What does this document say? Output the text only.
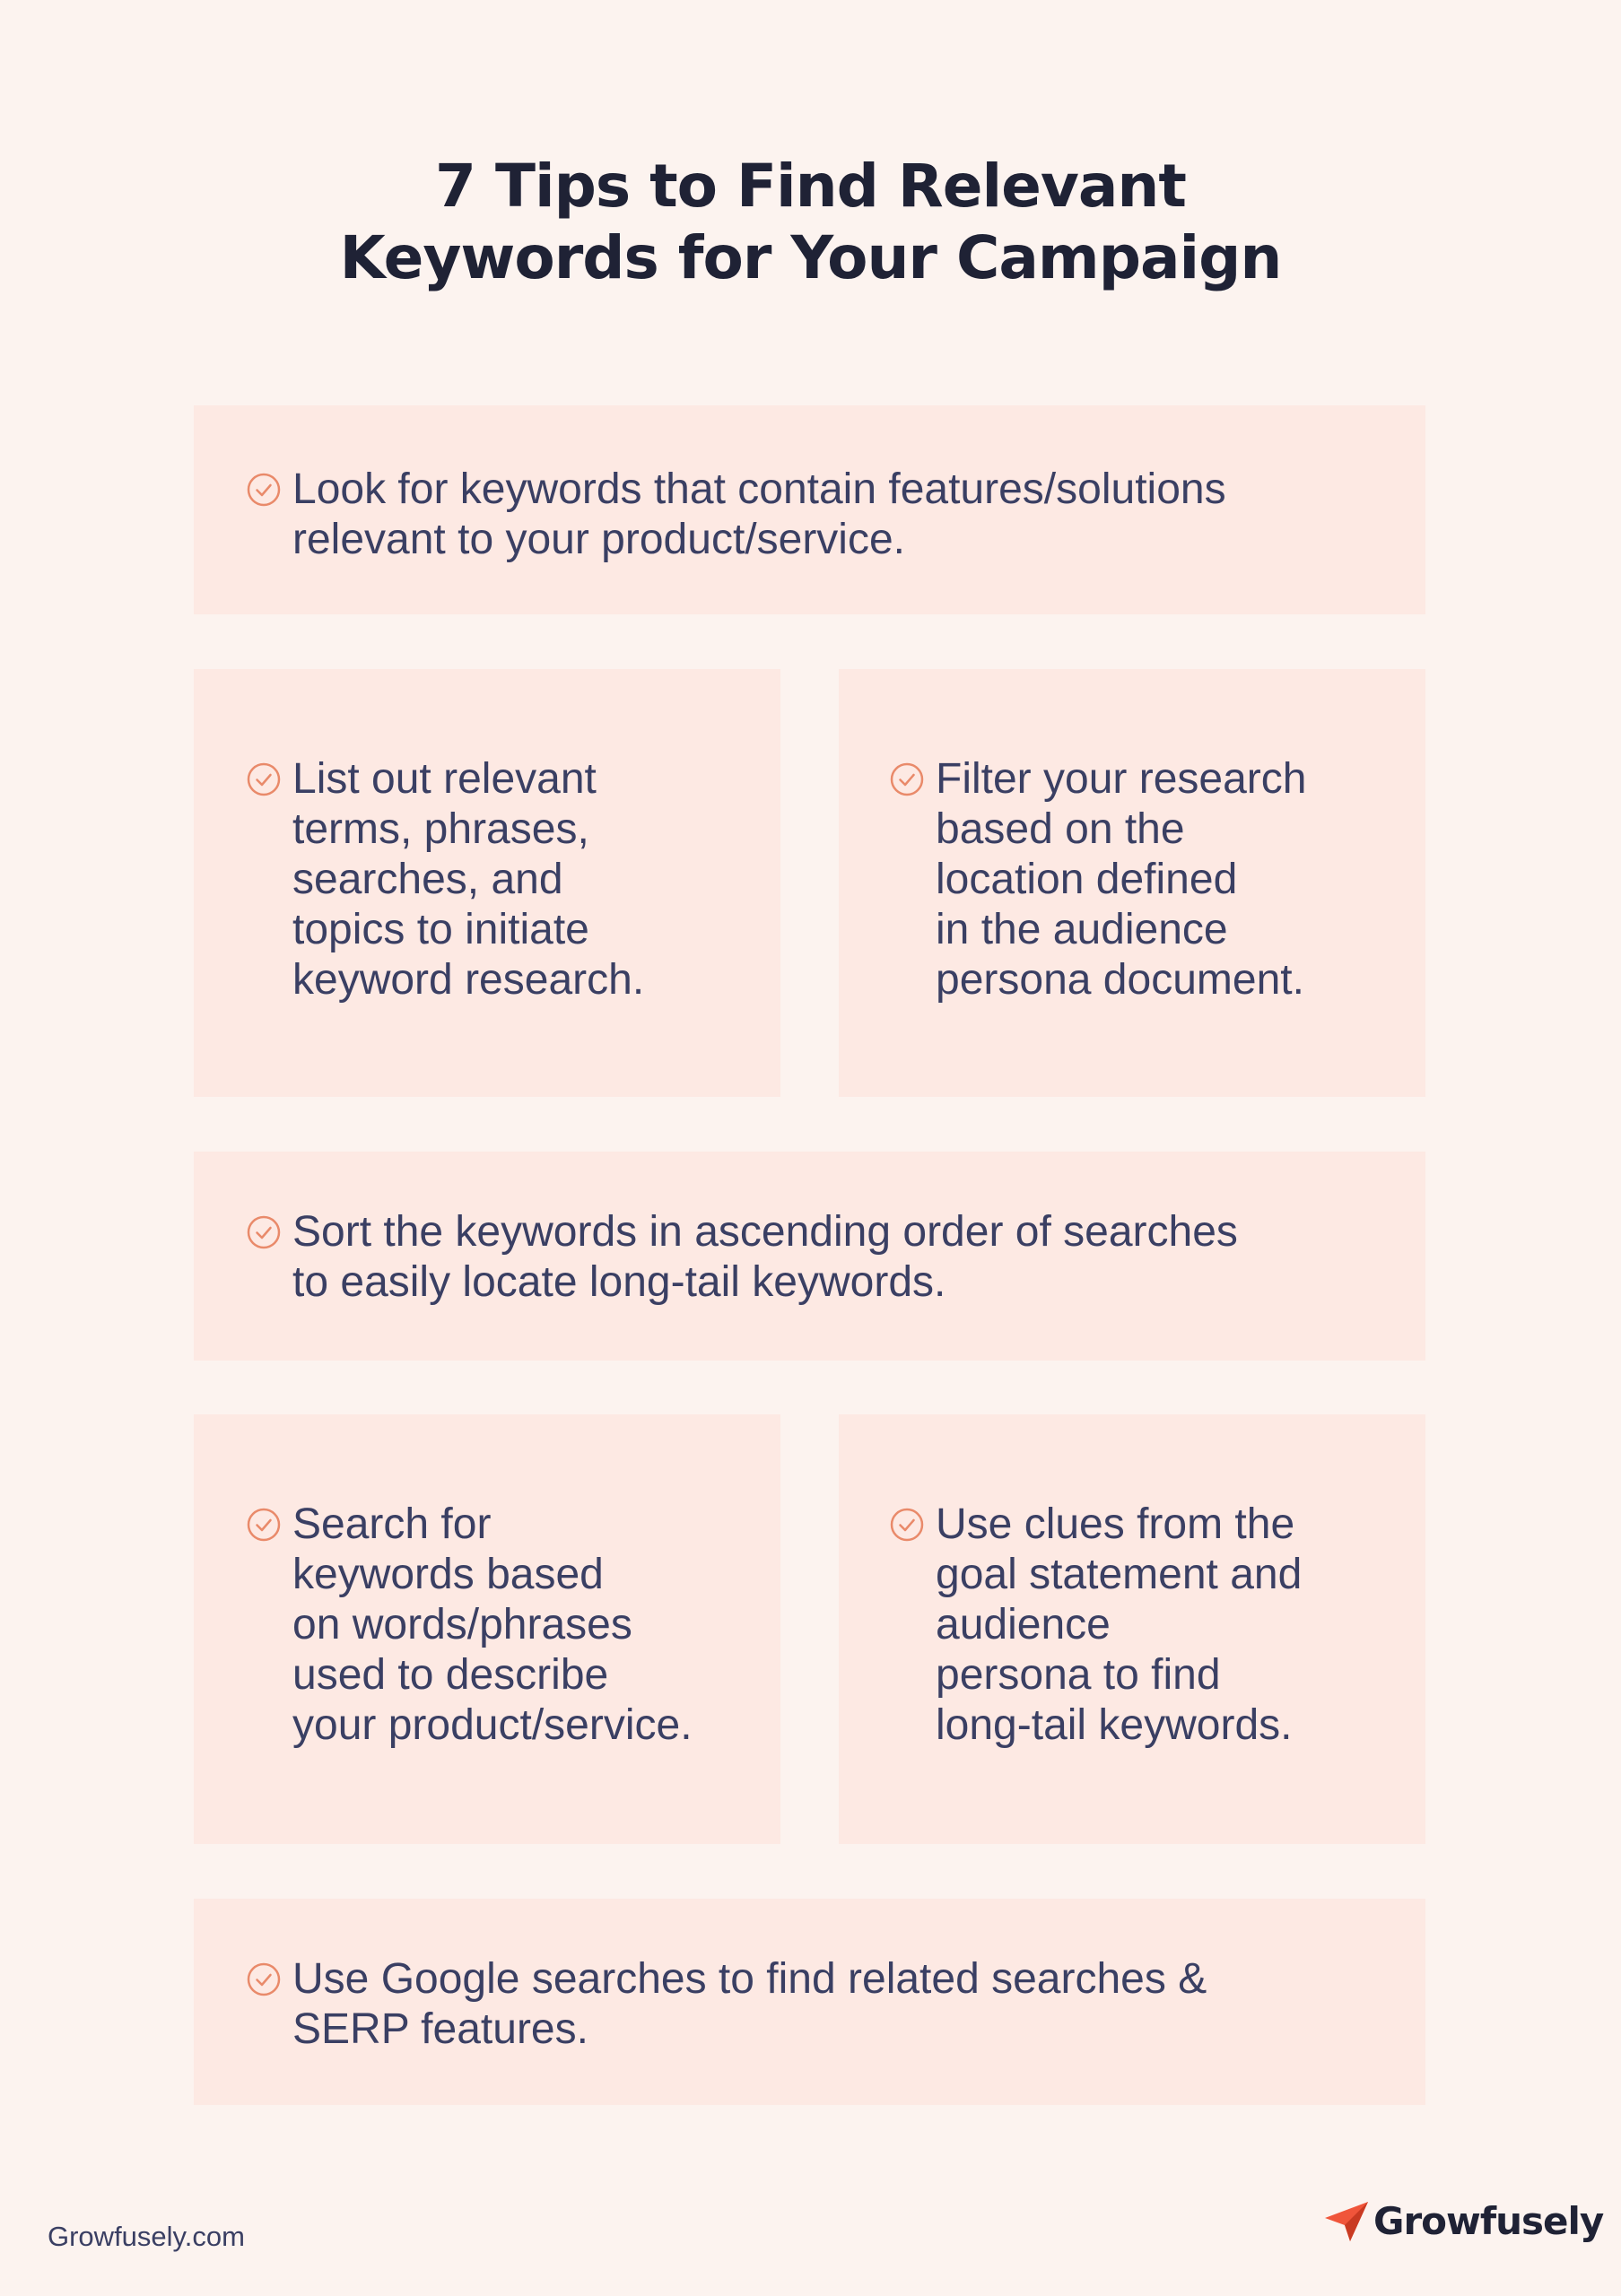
7 Tips to Find Relevant
Keywords for Your Campaign
Look for keywords that contain features/solutions
relevant to your product/service.
List out relevant
terms, phrases,
searches, and
topics to initiate
keyword research.
Filter your research
based on the
location defined
in the audience
persona document.
Sort the keywords in ascending order of searches
to easily locate long-tail keywords.
Search for
keywords based
on words/phrases
used to describe
your product/service.
Use clues from the
goal statement and
audience
persona to find
long-tail keywords.
Use Google searches to find related searches &
SERP features.
Growfusely.com	Growfusely
